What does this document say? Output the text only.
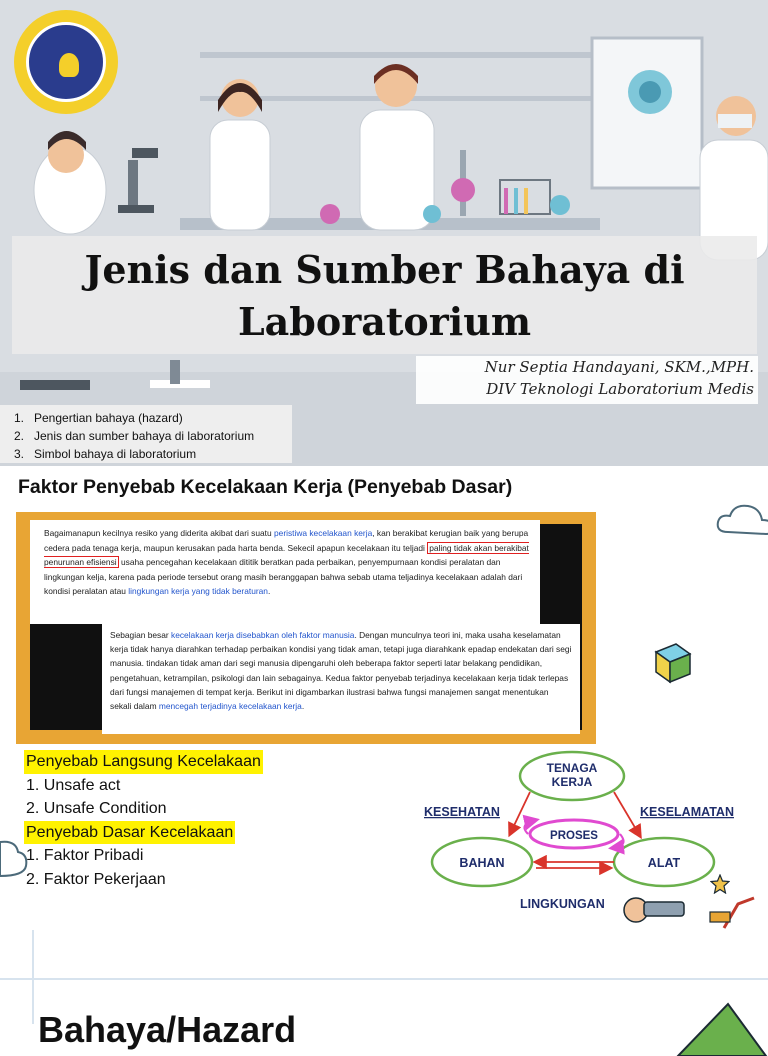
Jenis dan Sumber Bahaya di Laboratorium
Nur Septia Handayani, SKM.,MPH.
DIV Teknologi Laboratorium Medis
1. Pengertian bahaya (hazard)
2. Jenis dan sumber bahaya di laboratorium
3. Simbol bahaya di laboratorium
Faktor Penyebab Kecelakaan Kerja (Penyebab Dasar)
Bagaimanapun kecilnya resiko yang diderita akibat dari suatu peristiwa kecelakaan kerja, kan berakibat kerugian baik yang berupa cedera pada tenaga kerja, maupun kerusakan pada harta benda. Sekecil apapun kecelakaan itu teljadi paling tidak akan berakibat penurunan efisiensi usaha pencegahan kecelakaan dititik beratkan pada perbaikan, penyempurnaan kondisi peralatan dan lingkungan kelja, karena pada periode tersebut orang masih beranggapan bahwa sebab utama teljadinya kecelakaan adalah dari kondisi peralatan atau lingkungan kerja yang tidak beraturan.
Sebagian besar kecelakaan kerja disebabkan oleh faktor manusia. Dengan munculnya teori ini, maka usaha keselamatan kerja tidak hanya diarahkan terhadap perbaikan kondisi yang tidak aman, tetapi juga diarahkank epadap endekatan dari segi manusia. tindakan tidak aman dari segi manusia dipengaruhi oleh beberapa faktor seperti latar belakang pendidikan, pengetahuan, ketrampilan, psikologi dan lain sebagainya. Kedua faktor penyebab terjadinya kecelakaan kerja tidak terlepas dari fungsi manajemen di tempat kerja. Berikut ini digambarkan ilustrasi bahwa fungsi manajemen sangat menentukan sekali dalam mencegah terjadinya kecelakaan kerja.
Penyebab Langsung Kecelakaan
1. Unsafe act
2. Unsafe Condition
Penyebab Dasar Kecelakaan
1. Faktor Pribadi
2. Faktor Pekerjaan
TENAGA
KERJA
KESEHATAN	KESELAMATAN
PROSES
BAHAN	ALAT
LINGKUNGAN
Bahaya/Hazard
